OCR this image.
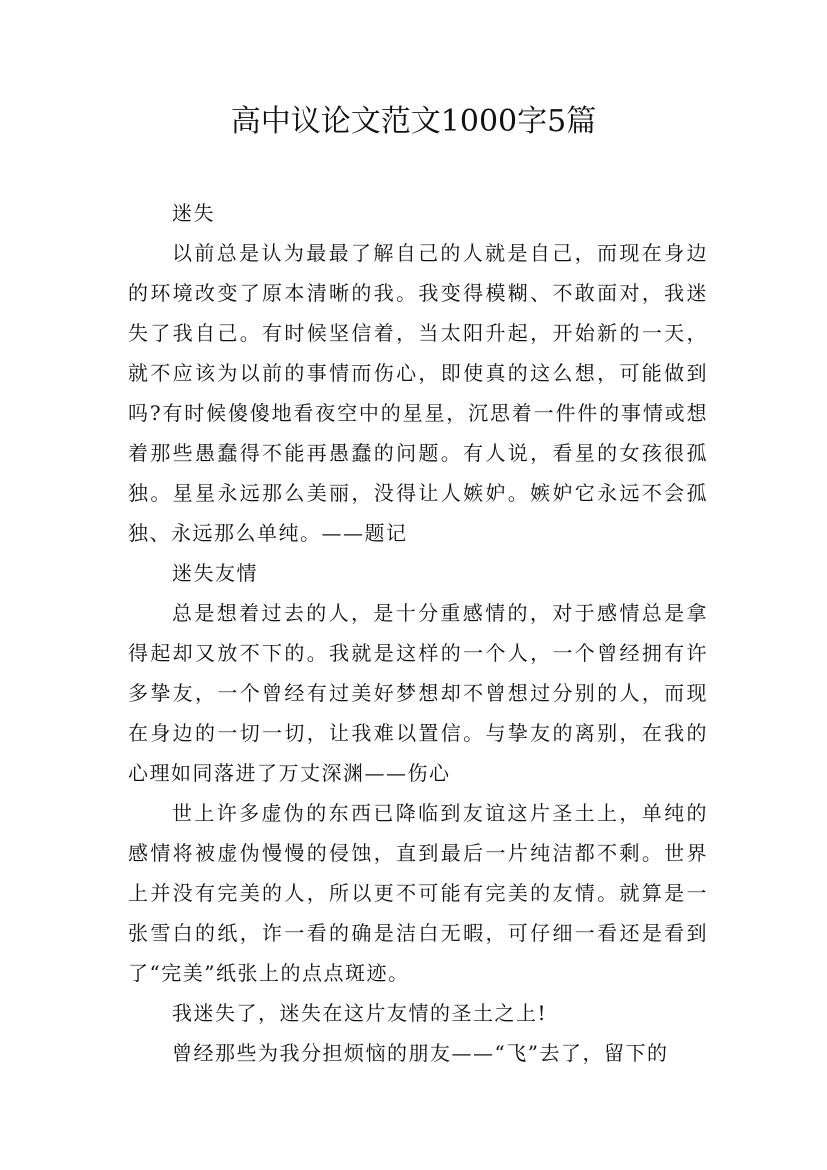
高中议论文范文1000字5篇

迷失

以前总是认为最最了解自己的人就是自己，而现在身边的环境改变了原本清晰的我。我变得模糊、不敢面对，我迷失了我自己。有时候坚信着，当太阳升起，开始新的一天，就不应该为以前的事情而伤心，即使真的这么想，可能做到吗?有时候傻傻地看夜空中的星星，沉思着一件件的事情或想着那些愚蠢得不能再愚蠢的问题。有人说，看星的女孩很孤独。星星永远那么美丽，没得让人嫉妒。嫉妒它永远不会孤独、永远那么单纯。——题记

迷失友情

总是想着过去的人，是十分重感情的，对于感情总是拿得起却又放不下的。我就是这样的一个人，一个曾经拥有许多挚友，一个曾经有过美好梦想却不曾想过分别的人，而现在身边的一切一切，让我难以置信。与挚友的离别，在我的心理如同落进了万丈深渊——伤心

世上许多虚伪的东西已降临到友谊这片圣土上，单纯的感情将被虚伪慢慢的侵蚀，直到最后一片纯洁都不剩。世界上并没有完美的人，所以更不可能有完美的友情。就算是一张雪白的纸，诈一看的确是洁白无暇，可仔细一看还是看到了“完美”纸张上的点点斑迹。

我迷失了，迷失在这片友情的圣土之上!

曾经那些为我分担烦恼的朋友——“飞”去了，留下的
